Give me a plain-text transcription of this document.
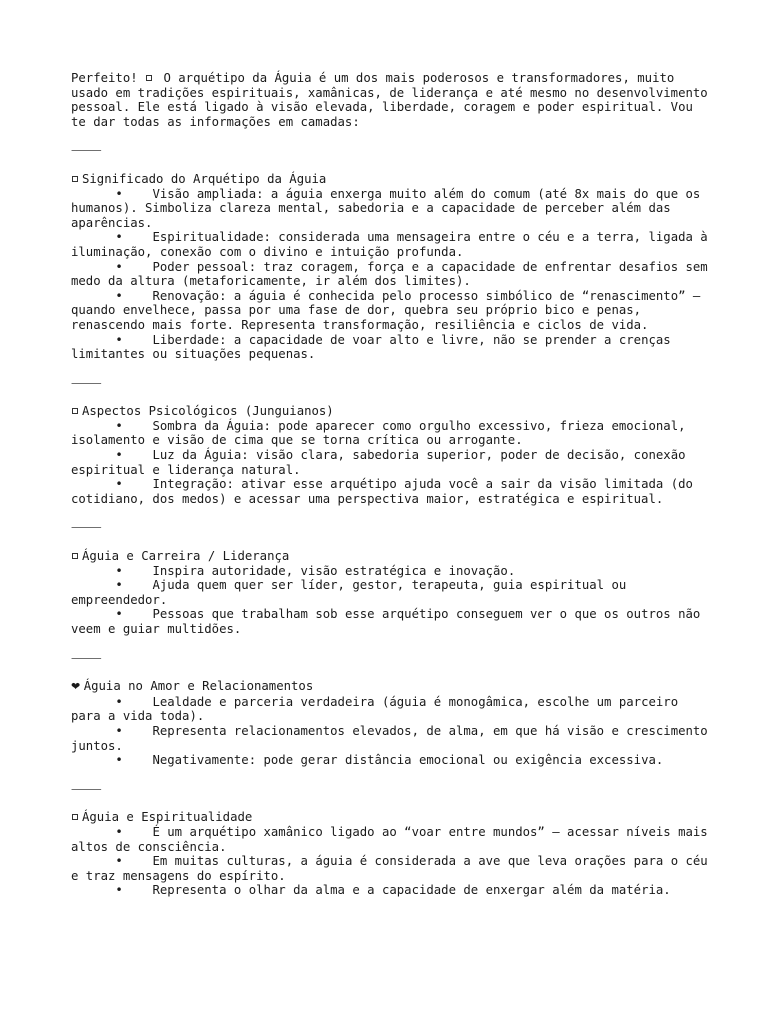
Perfeito!  O arquétipo da Águia é um dos mais poderosos e transformadores, muito usado em tradições espirituais, xamânicas, de liderança e até mesmo no desenvolvimento pessoal. Ele está ligado à visão elevada, liberdade, coragem e poder espiritual. Vou te dar todas as informações em camadas:

⸻

Significado do Arquétipo da Águia

•    Visão ampliada: a águia enxerga muito além do comum (até 8x mais do que os humanos). Simboliza clareza mental, sabedoria e a capacidade de perceber além das aparências.

•    Espiritualidade: considerada uma mensageira entre o céu e a terra, ligada à iluminação, conexão com o divino e intuição profunda.

•    Poder pessoal: traz coragem, força e a capacidade de enfrentar desafios sem medo da altura (metaforicamente, ir além dos limites).

•    Renovação: a águia é conhecida pelo processo simbólico de “renascimento” — quando envelhece, passa por uma fase de dor, quebra seu próprio bico e penas, renascendo mais forte. Representa transformação, resiliência e ciclos de vida.

•    Liberdade: a capacidade de voar alto e livre, não se prender a crenças limitantes ou situações pequenas.

⸻

Aspectos Psicológicos (Junguianos)

•    Sombra da Águia: pode aparecer como orgulho excessivo, frieza emocional, isolamento e visão de cima que se torna crítica ou arrogante.

•    Luz da Águia: visão clara, sabedoria superior, poder de decisão, conexão espiritual e liderança natural.

•    Integração: ativar esse arquétipo ajuda você a sair da visão limitada (do cotidiano, dos medos) e acessar uma perspectiva maior, estratégica e espiritual.

⸻

Águia e Carreira / Liderança

•    Inspira autoridade, visão estratégica e inovação.

•    Ajuda quem quer ser líder, gestor, terapeuta, guia espiritual ou empreendedor.

•    Pessoas que trabalham sob esse arquétipo conseguem ver o que os outros não veem e guiar multidões.

⸻

❤ Águia no Amor e Relacionamentos

•    Lealdade e parceria verdadeira (águia é monogâmica, escolhe um parceiro para a vida toda).

•    Representa relacionamentos elevados, de alma, em que há visão e crescimento juntos.

•    Negativamente: pode gerar distância emocional ou exigência excessiva.

⸻

Águia e Espiritualidade

•    É um arquétipo xamânico ligado ao “voar entre mundos” — acessar níveis mais altos de consciência.

•    Em muitas culturas, a águia é considerada a ave que leva orações para o céu e traz mensagens do espírito.

•    Representa o olhar da alma e a capacidade de enxergar além da matéria.
